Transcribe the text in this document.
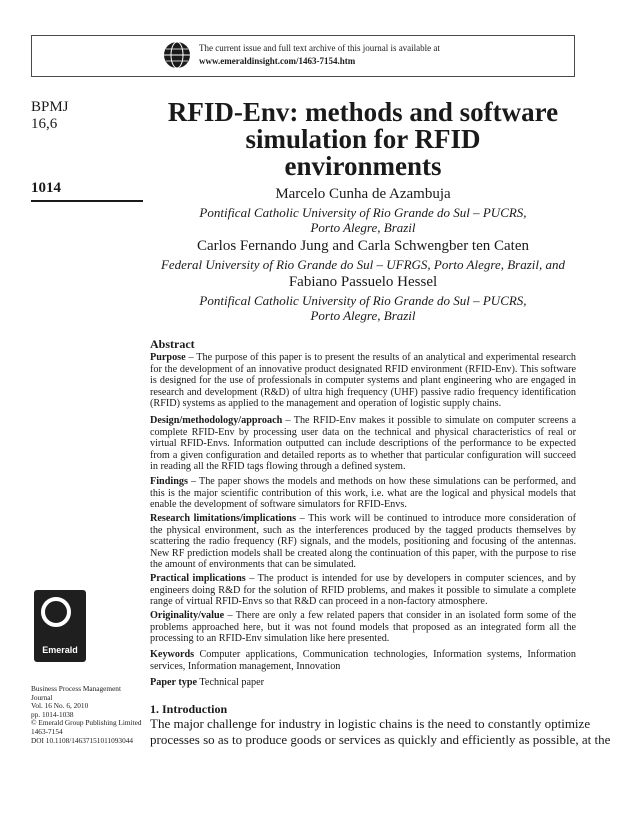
The current issue and full text archive of this journal is available at
www.emeraldinsight.com/1463-7154.htm
BPMJ
16,6
1014
RFID-Env: methods and software
simulation for RFID
environments
Marcelo Cunha de Azambuja
Pontifical Catholic University of Rio Grande do Sul – PUCRS,
Porto Alegre, Brazil
Carlos Fernando Jung and Carla Schwengber ten Caten
Federal University of Rio Grande do Sul – UFRGS, Porto Alegre, Brazil, and
Fabiano Passuelo Hessel
Pontifical Catholic University of Rio Grande do Sul – PUCRS,
Porto Alegre, Brazil
Abstract
Purpose – The purpose of this paper is to present the results of an analytical and experimental research for the development of an innovative product designated RFID environment (RFID-Env). This software is designed for the use of professionals in computer systems and plant engineering who are engaged in research and development (R&D) of ultra high frequency (UHF) passive radio frequency identification (RFID) systems as applied to the management and operation of logistic supply chains.
Design/methodology/approach – The RFID-Env makes it possible to simulate on computer screens a complete RFID-Env by processing user data on the technical and physical characteristics of real or virtual RFID-Envs. Information outputted can include descriptions of the performance to be expected from a given configuration and detailed reports as to whether that particular configuration will succeed in reading all the RFID tags flowing through a defined system.
Findings – The paper shows the models and methods on how these simulations can be performed, and this is the major scientific contribution of this work, i.e. what are the logical and physical models that enable the development of software simulators for RFID-Envs.
Research limitations/implications – This work will be continued to introduce more consideration of the physical environment, such as the interferences produced by the tagged products themselves by scattering the radio frequency (RF) signals, and the models, positioning and focusing of the antennas. New RF prediction models shall be created along the continuation of this paper, with the purpose to rise the amount of environments that can be simulated.
Practical implications – The product is intended for use by developers in computer sciences, and by engineers doing R&D for the solution of RFID problems, and makes it possible to simulate a complete range of virtual RFID-Envs so that R&D can proceed in a non-factory atmosphere.
Originality/value – There are only a few related papers that consider in an isolated form some of the problems approached here, but it was not found models that proposed as an integrated form all the processing to an RFID-Env simulation like here presented.
Keywords Computer applications, Communication technologies, Information systems, Information services, Information management, Innovation
Paper type Technical paper
Emerald
Business Process Management
Journal
Vol. 16 No. 6, 2010
pp. 1014-1038
© Emerald Group Publishing Limited
1463-7154
DOI 10.1108/14637151011093044
1. Introduction
The major challenge for industry in logistic chains is the need to constantly optimize
processes so as to produce goods or services as quickly and efficiently as possible, at the
